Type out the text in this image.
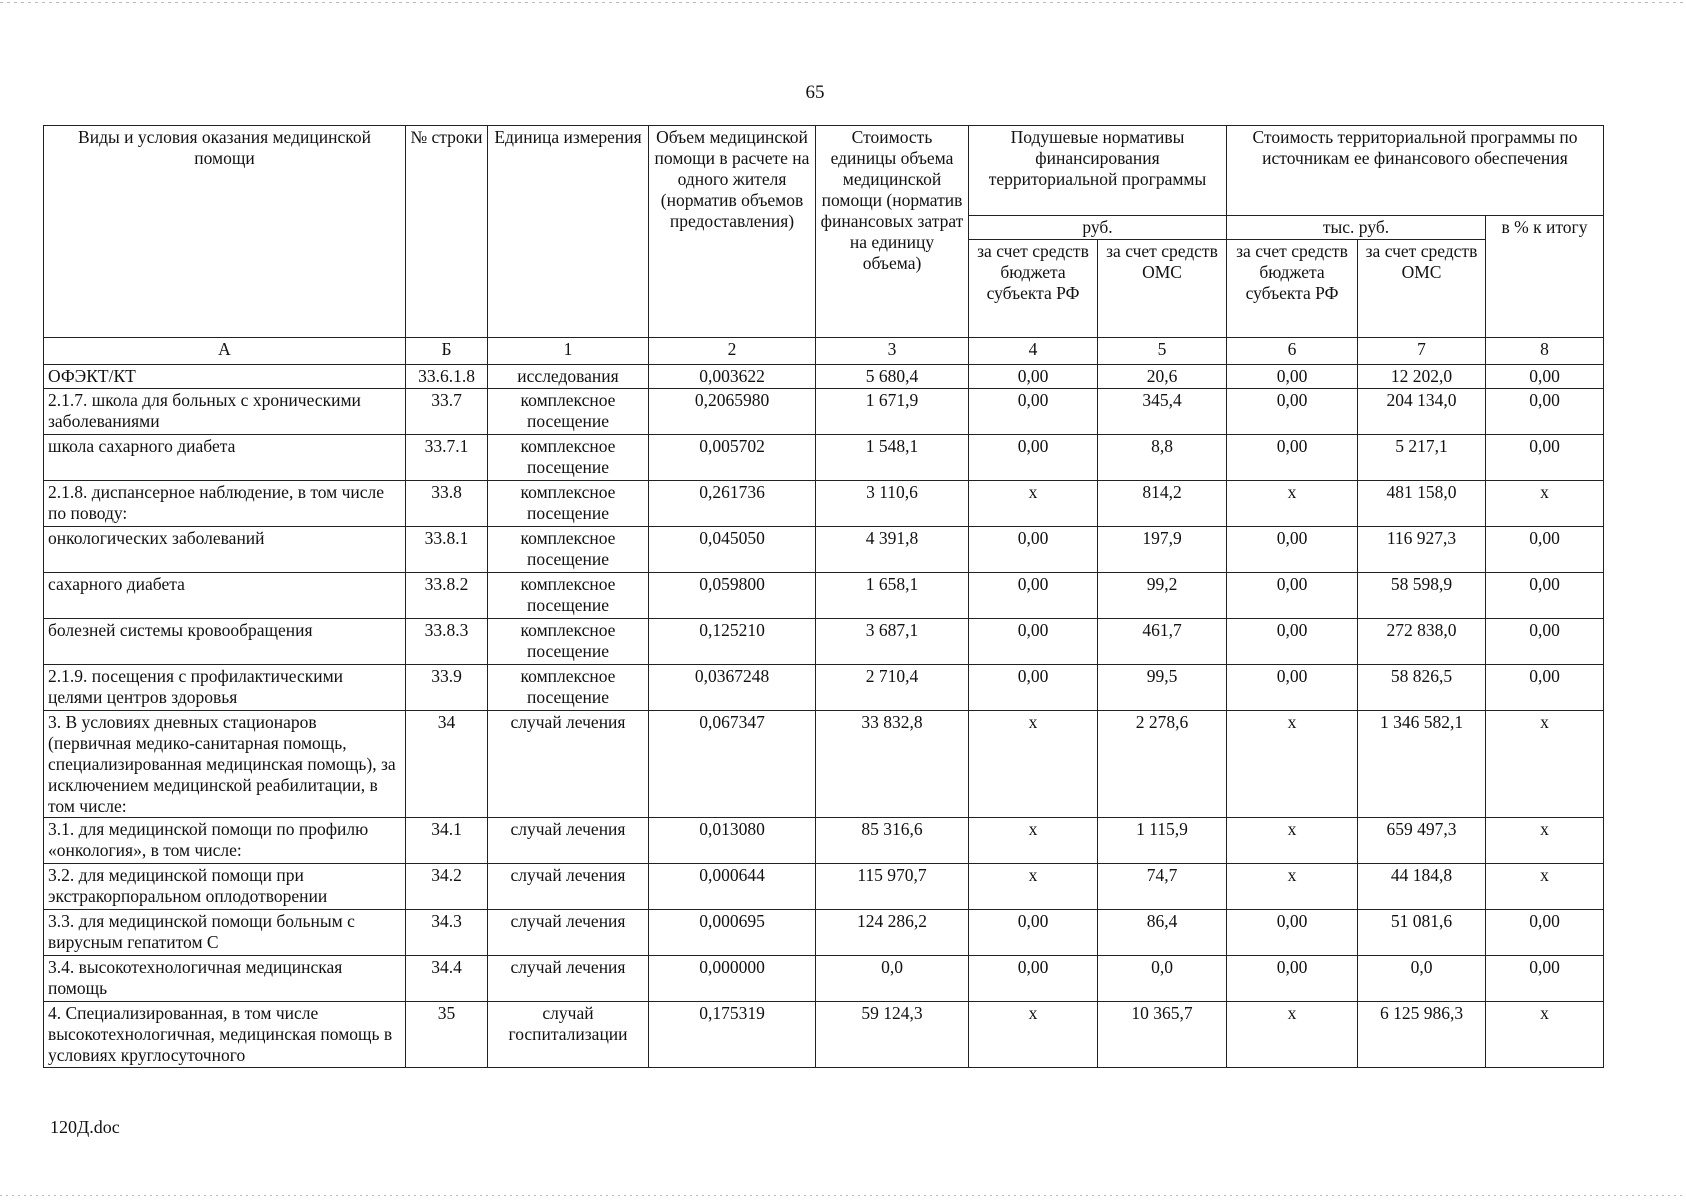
65
Виды и условия оказания медицинской помощи	№ строки	Единица измерения	Объем медицинской помощи в расчете на одного жителя (норматив объемов предоставления)	Стоимость единицы объема медицинской помощи (норматив финансовых затрат на единицу объема)	Подушевые нормативы финансирования территориальной программы		Стоимость территориальной программы по источникам ее финансового обеспечения		
					руб.		тыс. руб.		в % к итогу
					за счет средств бюджета субъекта РФ	за счет средств ОМС	за счет средств бюджета субъекта РФ	за счет средств ОМС	
А	Б	1	2	3	4	5	6	7	8
ОФЭКТ/КТ	33.6.1.8	исследования	0,003622	5 680,4	0,00	20,6	0,00	12 202,0	0,00
2.1.7. школа для больных с хроническими заболеваниями	33.7	комплексное посещение	0,2065980	1 671,9	0,00	345,4	0,00	204 134,0	0,00
школа сахарного диабета	33.7.1	комплексное посещение	0,005702	1 548,1	0,00	8,8	0,00	5 217,1	0,00
2.1.8. диспансерное наблюдение, в том числе по поводу:	33.8	комплексное посещение	0,261736	3 110,6	х	814,2	х	481 158,0	х
онкологических заболеваний	33.8.1	комплексное посещение	0,045050	4 391,8	0,00	197,9	0,00	116 927,3	0,00
сахарного диабета	33.8.2	комплексное посещение	0,059800	1 658,1	0,00	99,2	0,00	58 598,9	0,00
болезней системы кровообращения	33.8.3	комплексное посещение	0,125210	3 687,1	0,00	461,7	0,00	272 838,0	0,00
2.1.9. посещения с профилактическими целями центров здоровья	33.9	комплексное посещение	0,0367248	2 710,4	0,00	99,5	0,00	58 826,5	0,00
3. В условиях дневных стационаров (первичная медико-санитарная помощь, специализированная медицинская помощь), за исключением медицинской реабилитации, в том числе:	34	случай лечения	0,067347	33 832,8	х	2 278,6	х	1 346 582,1	х
3.1. для медицинской помощи по профилю «онкология», в том числе:	34.1	случай лечения	0,013080	85 316,6	х	1 115,9	х	659 497,3	х
3.2. для медицинской помощи при экстракорпоральном оплодотворении	34.2	случай лечения	0,000644	115 970,7	х	74,7	х	44 184,8	х
3.3. для медицинской помощи больным с вирусным гепатитом С	34.3	случай лечения	0,000695	124 286,2	0,00	86,4	0,00	51 081,6	0,00
3.4. высокотехнологичная медицинская помощь	34.4	случай лечения	0,000000	0,0	0,00	0,0	0,00	0,0	0,00
4. Специализированная, в том числе высокотехнологичная, медицинская помощь в условиях круглосуточного	35	случай госпитализации	0,175319	59 124,3	х	10 365,7	х	6 125 986,3	х
120Д.doc
